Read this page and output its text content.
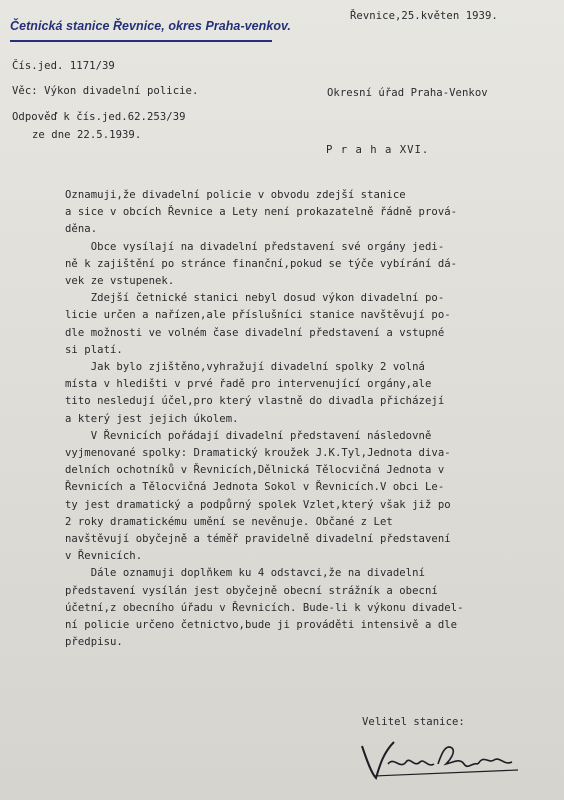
Četnická stanice Řevnice, okres Praha-venkov.
Řevnice,25.květen 1939.
Čís.jed. 1171/39
Věc: Výkon divadelní policie.
Odpověď k čís.jed.62.253/39
ze dne 22.5.1939.
Okresní úřad Praha-Venkov
P r a h a XVI.
Oznamuji,že divadelní policie v obvodu zdejší stanice
a sice v obcích Řevnice a Lety není prokazatelně řádně prová-
děna.
Obce vysílají na divadelní představení své orgány jedi-
ně k zajištění po stránce finanční,pokud se týče vybírání dá-
vek ze vstupenek.
Zdejší četnické stanici nebyl dosud výkon divadelní po-
licie určen a nařízen,ale příslušníci stanice navštěvují po-
dle možnosti ve volném čase divadelní představení a vstupné
si platí.
Jak bylo zjištěno,vyhražují divadelní spolky 2 volná
místa v hledišti v prvé řadě pro intervenující orgány,ale
tito nesledují účel,pro který vlastně do divadla přicházejí
a který jest jejich úkolem.
V Řevnicích pořádají divadelní představení následovně
vyjmenované spolky: Dramatický kroužek J.K.Tyl,Jednota diva-
delních ochotníků v Řevnicích,Dělnická Tělocvičná Jednota v
Řevnicích a Tělocvičná Jednota Sokol v Řevnicích.V obci Le-
ty jest dramatický a podpůrný spolek Vzlet,který však již po
2 roky dramatickému umění se nevěnuje. Občané z Let
navštěvují obyčejně a téměř pravidelně divadelní představení
v Řevnicích.
Dále oznamuji doplňkem ku 4 odstavci,že na divadelní
představení vysílán jest obyčejně obecní strážník a obecní
účetní,z obecního úřadu v Řevnicích. Bude-li k výkonu divadel-
ní policie určeno četnictvo,bude ji prováděti intensivě a dle
předpisu.
Velitel stanice:
